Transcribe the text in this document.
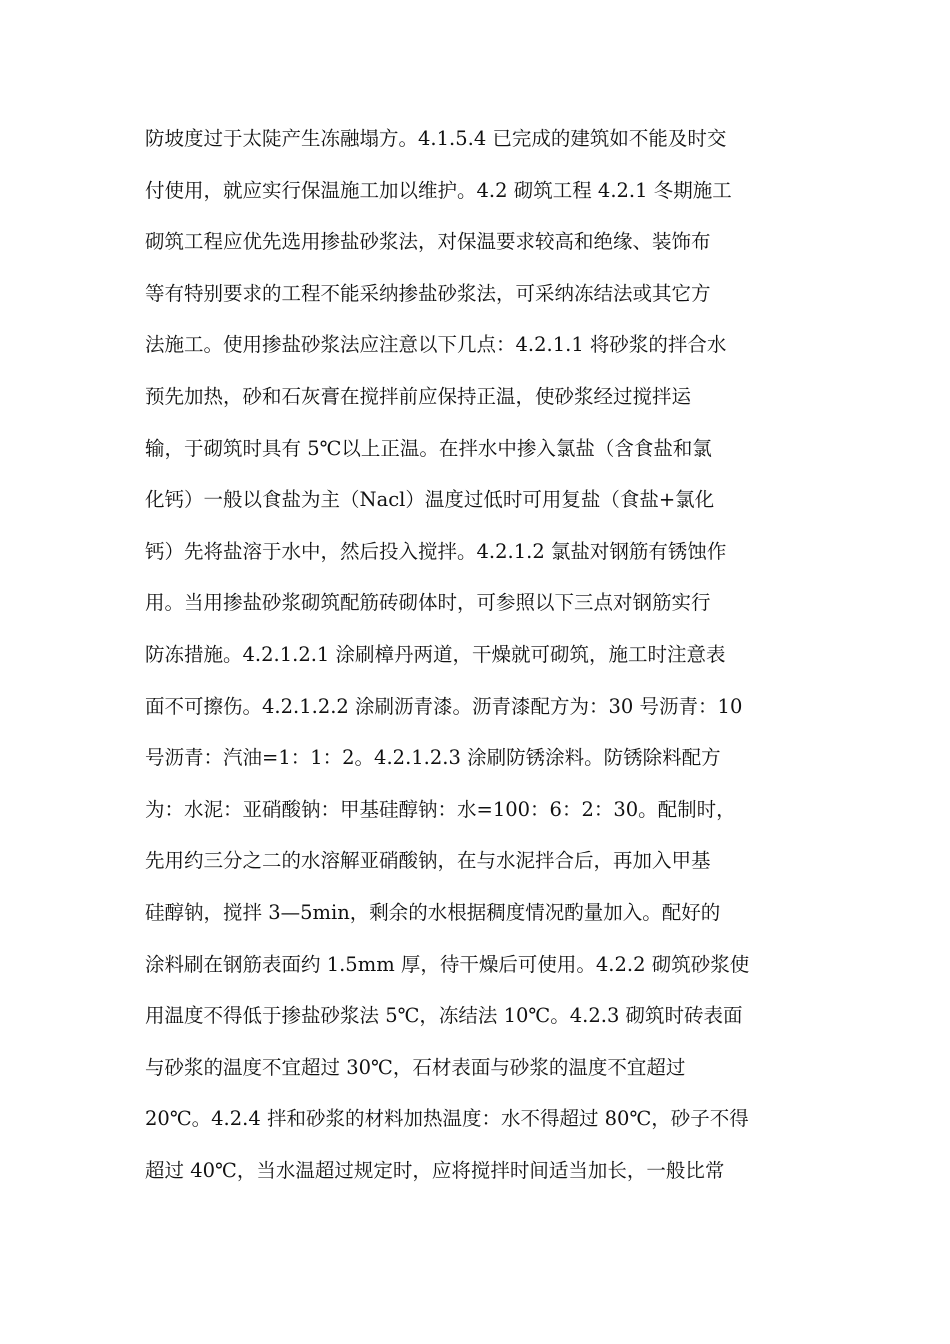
防坡度过于太陡产生冻融塌方。4.1.5.4 已完成的建筑如不能及时交
付使用，就应实行保温施工加以维护。4.2 砌筑工程 4.2.1 冬期施工
砌筑工程应优先选用掺盐砂浆法，对保温要求较高和绝缘、装饰布
等有特别要求的工程不能采纳掺盐砂浆法，可采纳冻结法或其它方
法施工。使用掺盐砂浆法应注意以下几点：4.2.1.1 将砂浆的拌合水
预先加热，砂和石灰膏在搅拌前应保持正温，使砂浆经过搅拌运
输，于砌筑时具有 5℃以上正温。在拌水中掺入氯盐（含食盐和氯
化钙）一般以食盐为主（Nacl）温度过低时可用复盐（食盐+氯化
钙）先将盐溶于水中，然后投入搅拌。4.2.1.2 氯盐对钢筋有锈蚀作
用。当用掺盐砂浆砌筑配筋砖砌体时，可参照以下三点对钢筋实行
防冻措施。4.2.1.2.1 涂刷樟丹两道，干燥就可砌筑，施工时注意表
面不可擦伤。4.2.1.2.2 涂刷沥青漆。沥青漆配方为：30 号沥青：10
号沥青：汽油=1：1：2。4.2.1.2.3 涂刷防锈涂料。防锈除料配方
为：水泥：亚硝酸钠：甲基硅醇钠：水=100：6：2：30。配制时，
先用约三分之二的水溶解亚硝酸钠，在与水泥拌合后，再加入甲基
硅醇钠，搅拌 3—5min，剩余的水根据稠度情况酌量加入。配好的
涂料刷在钢筋表面约 1.5mm 厚，待干燥后可使用。4.2.2 砌筑砂浆使
用温度不得低于掺盐砂浆法 5℃，冻结法 10℃。4.2.3 砌筑时砖表面
与砂浆的温度不宜超过 30℃，石材表面与砂浆的温度不宜超过
20℃。4.2.4 拌和砂浆的材料加热温度：水不得超过 80℃，砂子不得
超过 40℃，当水温超过规定时，应将搅拌时间适当加长，一般比常
